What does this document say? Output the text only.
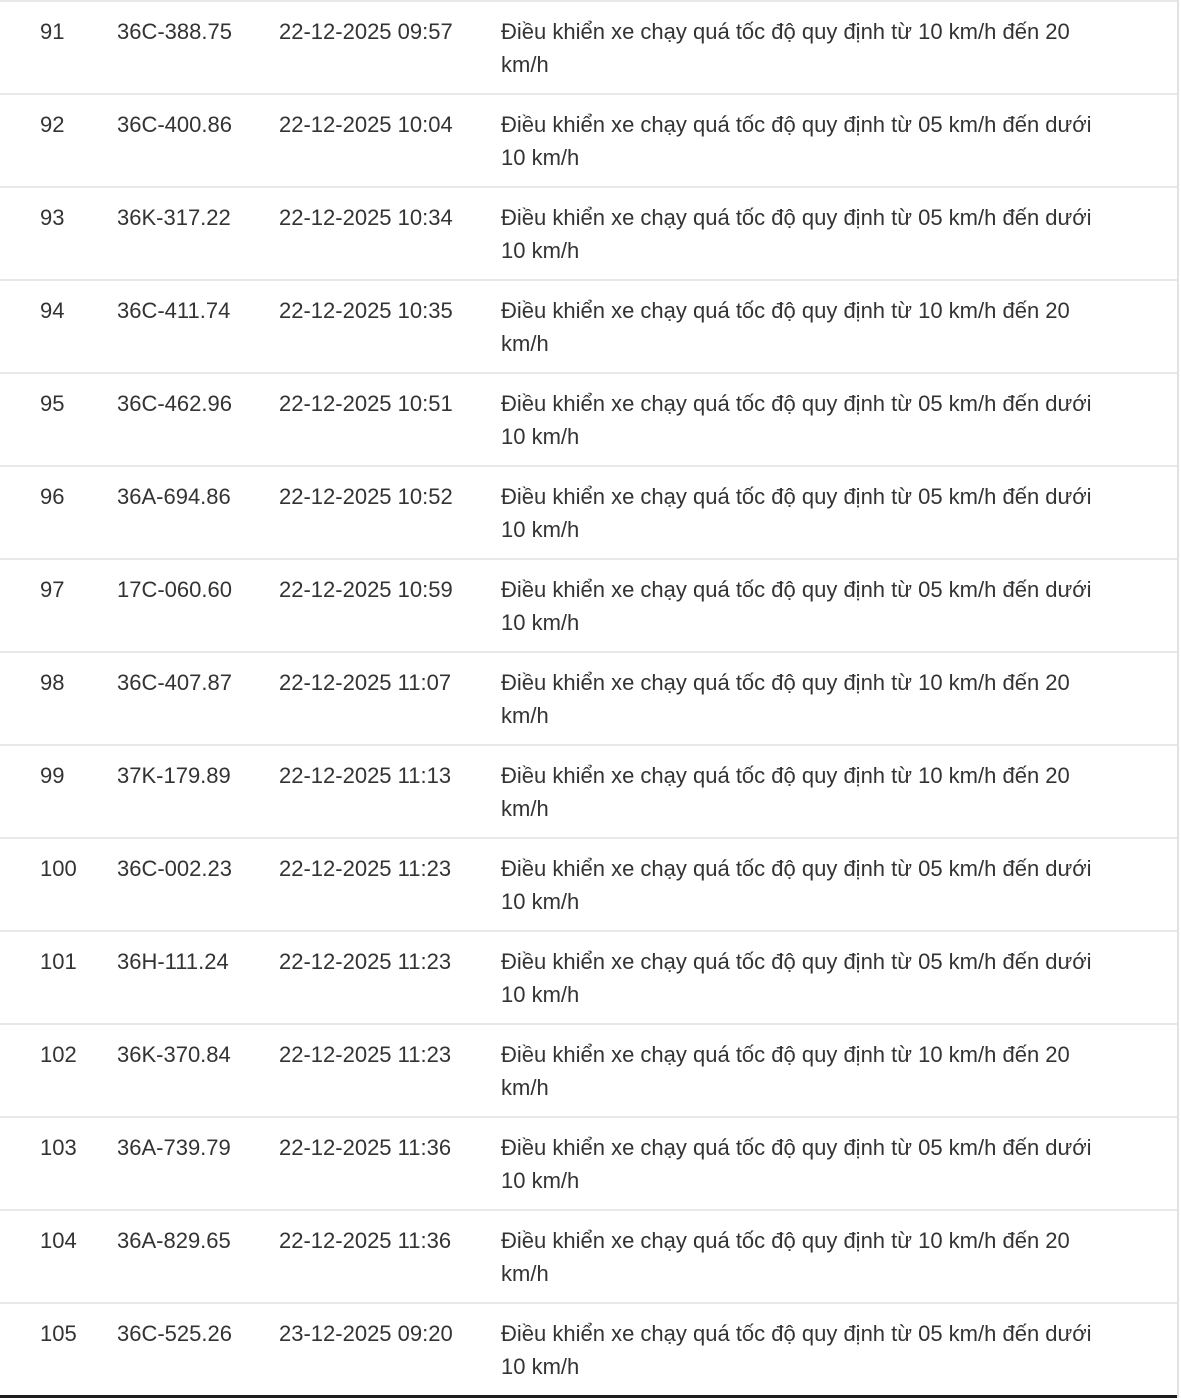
91	36C-388.75	22-12-2025 09:57	Điều khiển xe chạy quá tốc độ quy định từ 10 km/h đến 20 km/h
92	36C-400.86	22-12-2025 10:04	Điều khiển xe chạy quá tốc độ quy định từ 05 km/h đến dưới 10 km/h
93	36K-317.22	22-12-2025 10:34	Điều khiển xe chạy quá tốc độ quy định từ 05 km/h đến dưới 10 km/h
94	36C-411.74	22-12-2025 10:35	Điều khiển xe chạy quá tốc độ quy định từ 10 km/h đến 20 km/h
95	36C-462.96	22-12-2025 10:51	Điều khiển xe chạy quá tốc độ quy định từ 05 km/h đến dưới 10 km/h
96	36A-694.86	22-12-2025 10:52	Điều khiển xe chạy quá tốc độ quy định từ 05 km/h đến dưới 10 km/h
97	17C-060.60	22-12-2025 10:59	Điều khiển xe chạy quá tốc độ quy định từ 05 km/h đến dưới 10 km/h
98	36C-407.87	22-12-2025 11:07	Điều khiển xe chạy quá tốc độ quy định từ 10 km/h đến 20 km/h
99	37K-179.89	22-12-2025 11:13	Điều khiển xe chạy quá tốc độ quy định từ 10 km/h đến 20 km/h
100	36C-002.23	22-12-2025 11:23	Điều khiển xe chạy quá tốc độ quy định từ 05 km/h đến dưới 10 km/h
101	36H-111.24	22-12-2025 11:23	Điều khiển xe chạy quá tốc độ quy định từ 05 km/h đến dưới 10 km/h
102	36K-370.84	22-12-2025 11:23	Điều khiển xe chạy quá tốc độ quy định từ 10 km/h đến 20 km/h
103	36A-739.79	22-12-2025 11:36	Điều khiển xe chạy quá tốc độ quy định từ 05 km/h đến dưới 10 km/h
104	36A-829.65	22-12-2025 11:36	Điều khiển xe chạy quá tốc độ quy định từ 10 km/h đến 20 km/h
105	36C-525.26	23-12-2025 09:20	Điều khiển xe chạy quá tốc độ quy định từ 05 km/h đến dưới 10 km/h
